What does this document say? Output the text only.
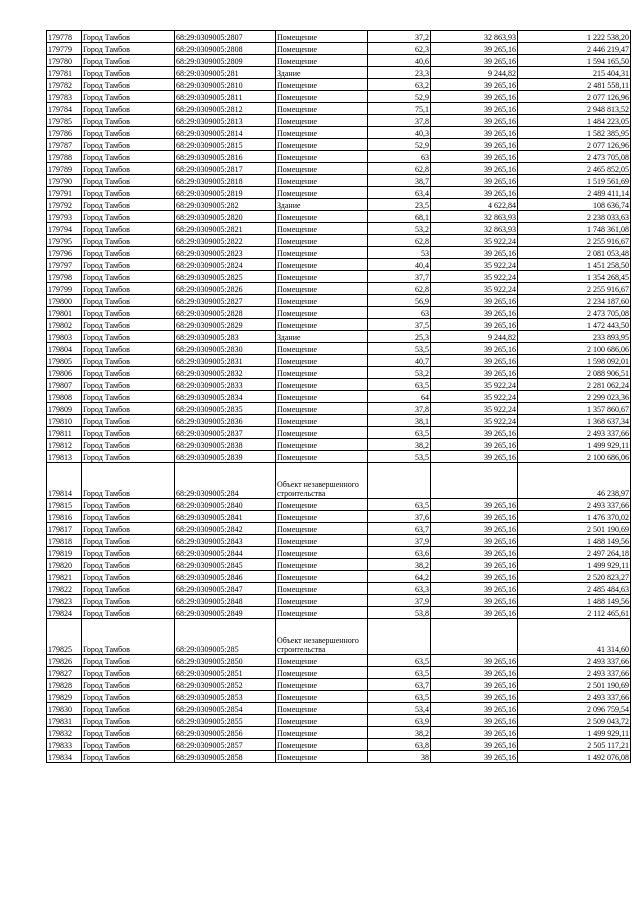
179778	Город Тамбов	68:29:0309005:2807	Помещение	37,2	32 863,93	1 222 538,20
179779	Город Тамбов	68:29:0309005:2808	Помещение	62,3	39 265,16	2 446 219,47
179780	Город Тамбов	68:29:0309005:2809	Помещение	40,6	39 265,16	1 594 165,50
179781	Город Тамбов	68:29:0309005:281	Здание	23,3	9 244,82	215 404,31
179782	Город Тамбов	68:29:0309005:2810	Помещение	63,2	39 265,16	2 481 558,11
179783	Город Тамбов	68:29:0309005:2811	Помещение	52,9	39 265,16	2 077 126,96
179784	Город Тамбов	68:29:0309005:2812	Помещение	75,1	39 265,16	2 948 813,52
179785	Город Тамбов	68:29:0309005:2813	Помещение	37,8	39 265,16	1 484 223,05
179786	Город Тамбов	68:29:0309005:2814	Помещение	40,3	39 265,16	1 582 385,95
179787	Город Тамбов	68:29:0309005:2815	Помещение	52,9	39 265,16	2 077 126,96
179788	Город Тамбов	68:29:0309005:2816	Помещение	63	39 265,16	2 473 705,08
179789	Город Тамбов	68:29:0309005:2817	Помещение	62,8	39 265,16	2 465 852,05
179790	Город Тамбов	68:29:0309005:2818	Помещение	38,7	39 265,16	1 519 561,69
179791	Город Тамбов	68:29:0309005:2819	Помещение	63,4	39 265,16	2 489 411,14
179792	Город Тамбов	68:29:0309005:282	Здание	23,5	4 622,84	108 636,74
179793	Город Тамбов	68:29:0309005:2820	Помещение	68,1	32 863,93	2 238 033,63
179794	Город Тамбов	68:29:0309005:2821	Помещение	53,2	32 863,93	1 748 361,08
179795	Город Тамбов	68:29:0309005:2822	Помещение	62,8	35 922,24	2 255 916,67
179796	Город Тамбов	68:29:0309005:2823	Помещение	53	39 265,16	2 081 053,48
179797	Город Тамбов	68:29:0309005:2824	Помещение	40,4	35 922,24	1 451 258,50
179798	Город Тамбов	68:29:0309005:2825	Помещение	37,7	35 922,24	1 354 268,45
179799	Город Тамбов	68:29:0309005:2826	Помещение	62,8	35 922,24	2 255 916,67
179800	Город Тамбов	68:29:0309005:2827	Помещение	56,9	39 265,16	2 234 187,60
179801	Город Тамбов	68:29:0309005:2828	Помещение	63	39 265,16	2 473 705,08
179802	Город Тамбов	68:29:0309005:2829	Помещение	37,5	39 265,16	1 472 443,50
179803	Город Тамбов	68:29:0309005:283	Здание	25,3	9 244,82	233 893,95
179804	Город Тамбов	68:29:0309005:2830	Помещение	53,5	39 265,16	2 100 686,06
179805	Город Тамбов	68:29:0309005:2831	Помещение	40,7	39 265,16	1 598 092,01
179806	Город Тамбов	68:29:0309005:2832	Помещение	53,2	39 265,16	2 088 906,51
179807	Город Тамбов	68:29:0309005:2833	Помещение	63,5	35 922,24	2 281 062,24
179808	Город Тамбов	68:29:0309005:2834	Помещение	64	35 922,24	2 299 023,36
179809	Город Тамбов	68:29:0309005:2835	Помещение	37,8	35 922,24	1 357 860,67
179810	Город Тамбов	68:29:0309005:2836	Помещение	38,1	35 922,24	1 368 637,34
179811	Город Тамбов	68:29:0309005:2837	Помещение	63,5	39 265,16	2 493 337,66
179812	Город Тамбов	68:29:0309005:2838	Помещение	38,2	39 265,16	1 499 929,11
179813	Город Тамбов	68:29:0309005:2839	Помещение	53,5	39 265,16	2 100 686,06
179814	Город Тамбов	68:29:0309005:284	Объект незавершенного строительства			46 238,97
179815	Город Тамбов	68:29:0309005:2840	Помещение	63,5	39 265,16	2 493 337,66
179816	Город Тамбов	68:29:0309005:2841	Помещение	37,6	39 265,16	1 476 370,02
179817	Город Тамбов	68:29:0309005:2842	Помещение	63,7	39 265,16	2 501 190,69
179818	Город Тамбов	68:29:0309005:2843	Помещение	37,9	39 265,16	1 488 149,56
179819	Город Тамбов	68:29:0309005:2844	Помещение	63,6	39 265,16	2 497 264,18
179820	Город Тамбов	68:29:0309005:2845	Помещение	38,2	39 265,16	1 499 929,11
179821	Город Тамбов	68:29:0309005:2846	Помещение	64,2	39 265,16	2 520 823,27
179822	Город Тамбов	68:29:0309005:2847	Помещение	63,3	39 265,16	2 485 484,63
179823	Город Тамбов	68:29:0309005:2848	Помещение	37,9	39 265,16	1 488 149,56
179824	Город Тамбов	68:29:0309005:2849	Помещение	53,8	39 265,16	2 112 465,61
179825	Город Тамбов	68:29:0309005:285	Объект незавершенного строительства			41 314,60
179826	Город Тамбов	68:29:0309005:2850	Помещение	63,5	39 265,16	2 493 337,66
179827	Город Тамбов	68:29:0309005:2851	Помещение	63,5	39 265,16	2 493 337,66
179828	Город Тамбов	68:29:0309005:2852	Помещение	63,7	39 265,16	2 501 190,69
179829	Город Тамбов	68:29:0309005:2853	Помещение	63,5	39 265,16	2 493 337,66
179830	Город Тамбов	68:29:0309005:2854	Помещение	53,4	39 265,16	2 096 759,54
179831	Город Тамбов	68:29:0309005:2855	Помещение	63,9	39 265,16	2 509 043,72
179832	Город Тамбов	68:29:0309005:2856	Помещение	38,2	39 265,16	1 499 929,11
179833	Город Тамбов	68:29:0309005:2857	Помещение	63,8	39 265,16	2 505 117,21
179834	Город Тамбов	68:29:0309005:2858	Помещение	38	39 265,16	1 492 076,08
